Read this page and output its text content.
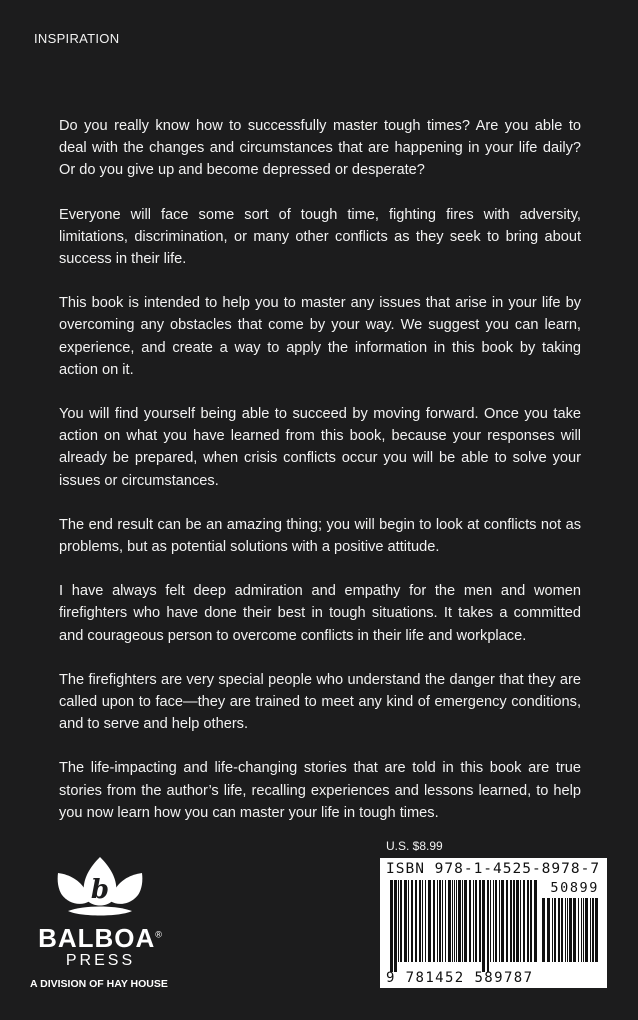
INSPIRATION

Do you really know how to successfully master tough times? Are you able to deal with the changes and circumstances that are happening in your life daily? Or do you give up and become depressed or desperate?

Everyone will face some sort of tough time, fighting fires with adversity, limitations, discrimination, or many other conflicts as they seek to bring about success in their life.

This book is intended to help you to master any issues that arise in your life by overcoming any obstacles that come by your way. We suggest you can learn, experience, and create a way to apply the information in this book by taking action on it.

You will find yourself being able to succeed by moving forward. Once you take action on what you have learned from this book, because your responses will already be prepared, when crisis conflicts occur you will be able to solve your issues or circumstances.

The end result can be an amazing thing; you will begin to look at conflicts not as problems, but as potential solutions with a positive attitude.

I have always felt deep admiration and empathy for the men and women firefighters who have done their best in tough situations. It takes a committed and courageous person to overcome conflicts in their life and workplace.

The firefighters are very special people who understand the danger that they are called upon to face—they are trained to meet any kind of emergency conditions, and to serve and help others.

The life-impacting and life-changing stories that are told in this book are true stories from the author’s life, recalling experiences and lessons learned, to help you now learn how you can master your life in tough times.

b
BALBOA®
PRESS
A DIVISION OF HAY HOUSE
U.S. $8.99
ISBN 978-1-4525-8978-7
50899
9 781452 589787
